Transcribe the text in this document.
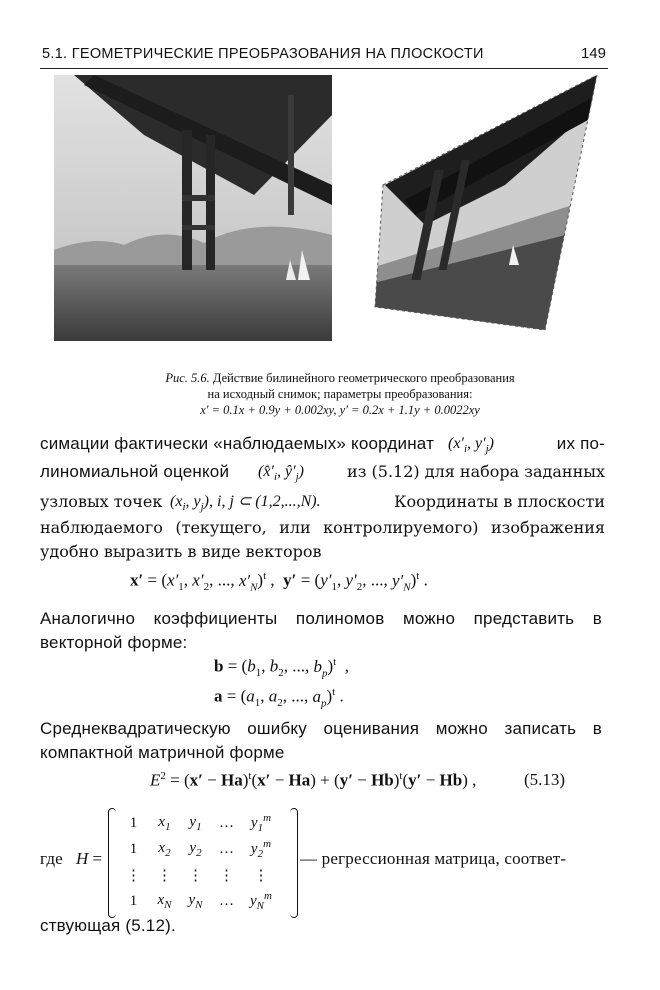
5.1. ГЕОМЕТРИЧЕСКИЕ ПРЕОБРАЗОВАНИЯ НА ПЛОСКОСТИ	149
Рис. 5.6. Действие билинейного геометрического преобразования
на исходный снимок; параметры преобразования:
x′ = 0.1x + 0.9y + 0.002xy, y′ = 0.2x + 1.1y + 0.0022xy
симации фактически «наблюдаемых» координат ($x'_i$, $y'_j$)	их по-
линомиальной оценкой ($x̂'_i$, $ŷ'_j$)	из (5.12) для набора заданных
узловых точек ($x_i$, $y_j$), i, j ⊂ (1,2,...,N).	Координаты в плоскости
наблюдаемого (текущего, или контролируемого) изображения
удобно выразить в виде векторов
$x' = (x'_1$, $x'_2$, ..., $x'_N)^t$ ,  $y' = (y'_1$, $y'_2$, ..., $y'_N)^t$ .
Аналогично коэффициенты полиномов можно представить в векторной форме:
$b = (b_1$, $b_2$, ..., $b_p)^t$  ,
$a = (a_1$, $a_2$, ..., $a_p)^t$ .
Среднеквадратическую ошибку оценивания можно записать в компактной матричной форме
$E^2 = (x' - Ha)^t(x' - Ha) + (y' - Hb)^t(y' - Hb)$ ,	(5.13)
где H =
1	$x_1$	$y_1$	…	$y_1^m$
1	$x_2$	$y_2$	…	$y_2^m$
⋮	⋮	⋮	⋮	⋮
1	$x_N$	$y_N$	…	$y_N^m$
— регрессионная матрица, соответ-
ствующая (5.12).
